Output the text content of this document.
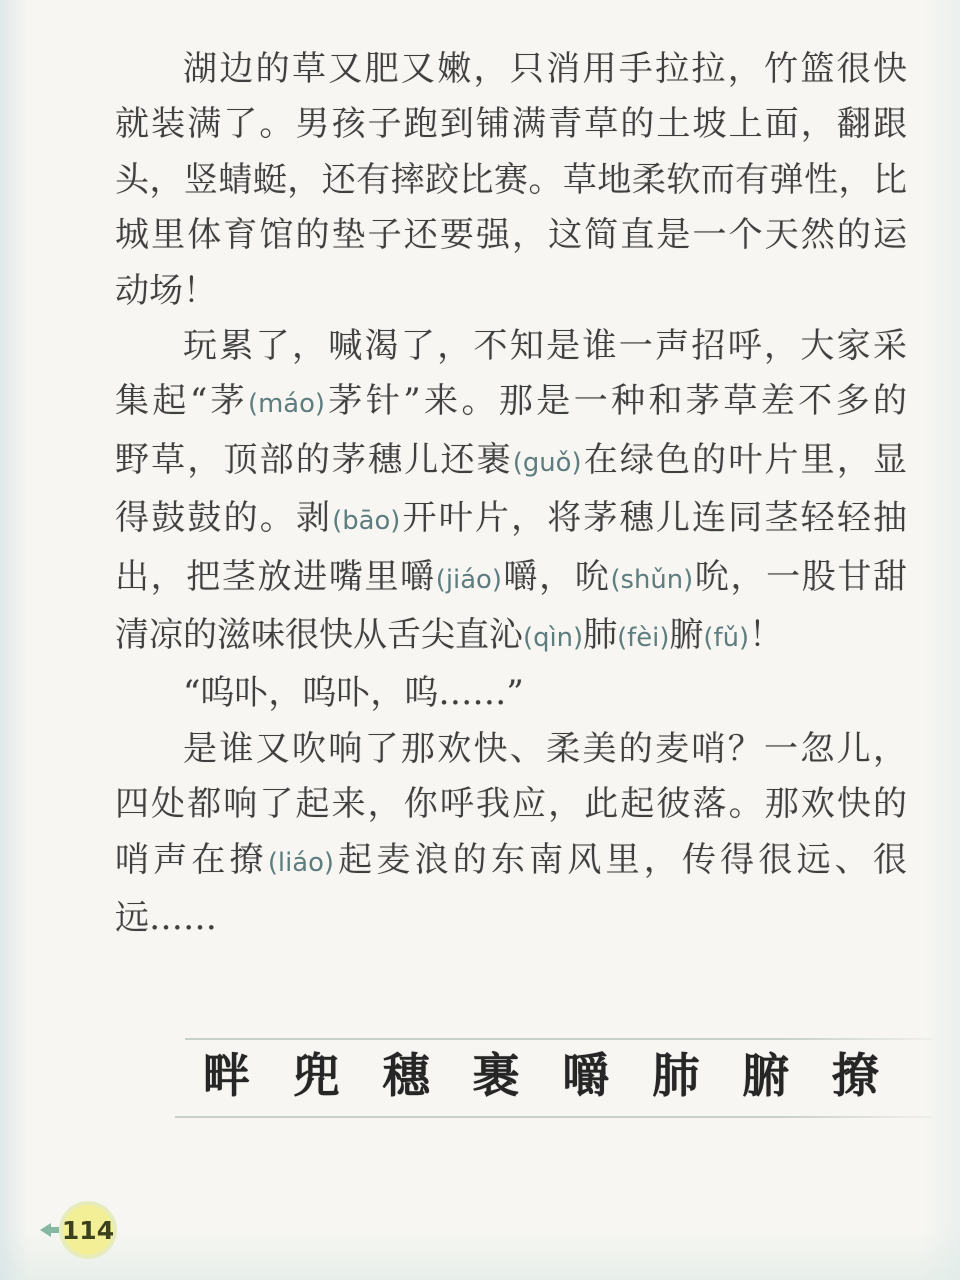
湖边的草又肥又嫩，只消用手拉拉，竹篮很快
就装满了。男孩子跑到铺满青草的土坡上面，翻跟
头，竖蜻蜓，还有摔跤比赛。草地柔软而有弹性，比
城里体育馆的垫子还要强，这简直是一个天然的运
动场！
玩累了，喊渴了，不知是谁一声招呼，大家采
集起“茅(máo)茅针”来。那是一种和茅草差不多的
野草，顶部的茅穗儿还裹(guǒ)在绿色的叶片里，显
得鼓鼓的。剥(bāo)开叶片，将茅穗儿连同茎轻轻抽
出，把茎放进嘴里嚼(jiáo)嚼，吮(shǔn)吮，一股甘甜
清凉的滋味很快从舌尖直沁(qìn)肺(fèi)腑(fǔ)！
“呜卟，呜卟，呜……”
是谁又吹响了那欢快、柔美的麦哨？一忽儿，
四处都响了起来，你呼我应，此起彼落。那欢快的
哨声在撩(liáo)起麦浪的东南风里，传得很远、很
远……
畔 兜 穗 裹 嚼 肺 腑 撩
114
